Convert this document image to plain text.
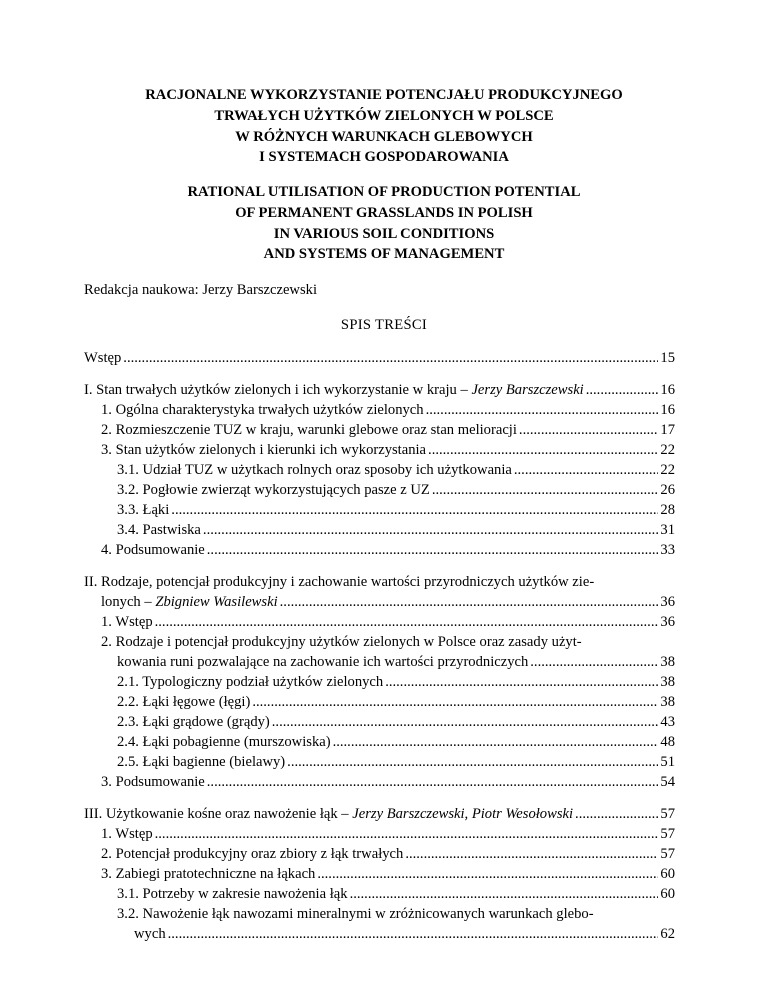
RACJONALNE WYKORZYSTANIE POTENCJAŁU PRODUKCYJNEGO
TRWAŁYCH UŻYTKÓW ZIELONYCH W POLSCE
W RÓŻNYCH WARUNKACH GLEBOWYCH
I SYSTEMACH GOSPODAROWANIA
RATIONAL UTILISATION OF PRODUCTION POTENTIAL
OF PERMANENT GRASSLANDS IN POLISH
IN VARIOUS SOIL CONDITIONS
AND SYSTEMS OF MANAGEMENT
Redakcja naukowa: Jerzy Barszczewski
SPIS TREŚCI
Wstęp .....	15
I. Stan trwałych użytków zielonych i ich wykorzystanie w kraju – Jerzy Barszczewski .....	16
1. Ogólna charakterystyka trwałych użytków zielonych .....	16
2. Rozmieszczenie TUZ w kraju, warunki glebowe oraz stan melioracji .....	17
3. Stan użytków zielonych i kierunki ich wykorzystania .....	22
3.1. Udział TUZ w użytkach rolnych oraz sposoby ich użytkowania .....	22
3.2. Pogłowie zwierząt wykorzystujących pasze z UZ .....	26
3.3. Łąki .....	28
3.4. Pastwiska .....	31
4. Podsumowanie .....	33
II. Rodzaje, potencjał produkcyjny i zachowanie wartości przyrodniczych użytków zie-
lonych – Zbigniew Wasilewski .....	36
1. Wstęp .....	36
2. Rodzaje i potencjał produkcyjny użytków zielonych w Polsce oraz zasady użyt-
kowania runi pozwalające na zachowanie ich wartości przyrodniczych .....	38
2.1. Typologiczny podział użytków zielonych .....	38
2.2. Łąki łęgowe (łęgi) .....	38
2.3. Łąki grądowe (grądy) .....	43
2.4. Łąki pobagienne (murszowiska) .....	48
2.5. Łąki bagienne (bielawy) .....	51
3. Podsumowanie .....	54
III. Użytkowanie kośne oraz nawożenie łąk – Jerzy Barszczewski, Piotr Wesołowski .....	57
1. Wstęp .....	57
2. Potencjał produkcyjny oraz zbiory z łąk trwałych .....	57
3. Zabiegi pratotechniczne na łąkach .....	60
3.1. Potrzeby w zakresie nawożenia łąk .....	60
3.2. Nawożenie łąk nawozami mineralnymi w zróżnicowanych warunkach glebo-
wych .....	62
